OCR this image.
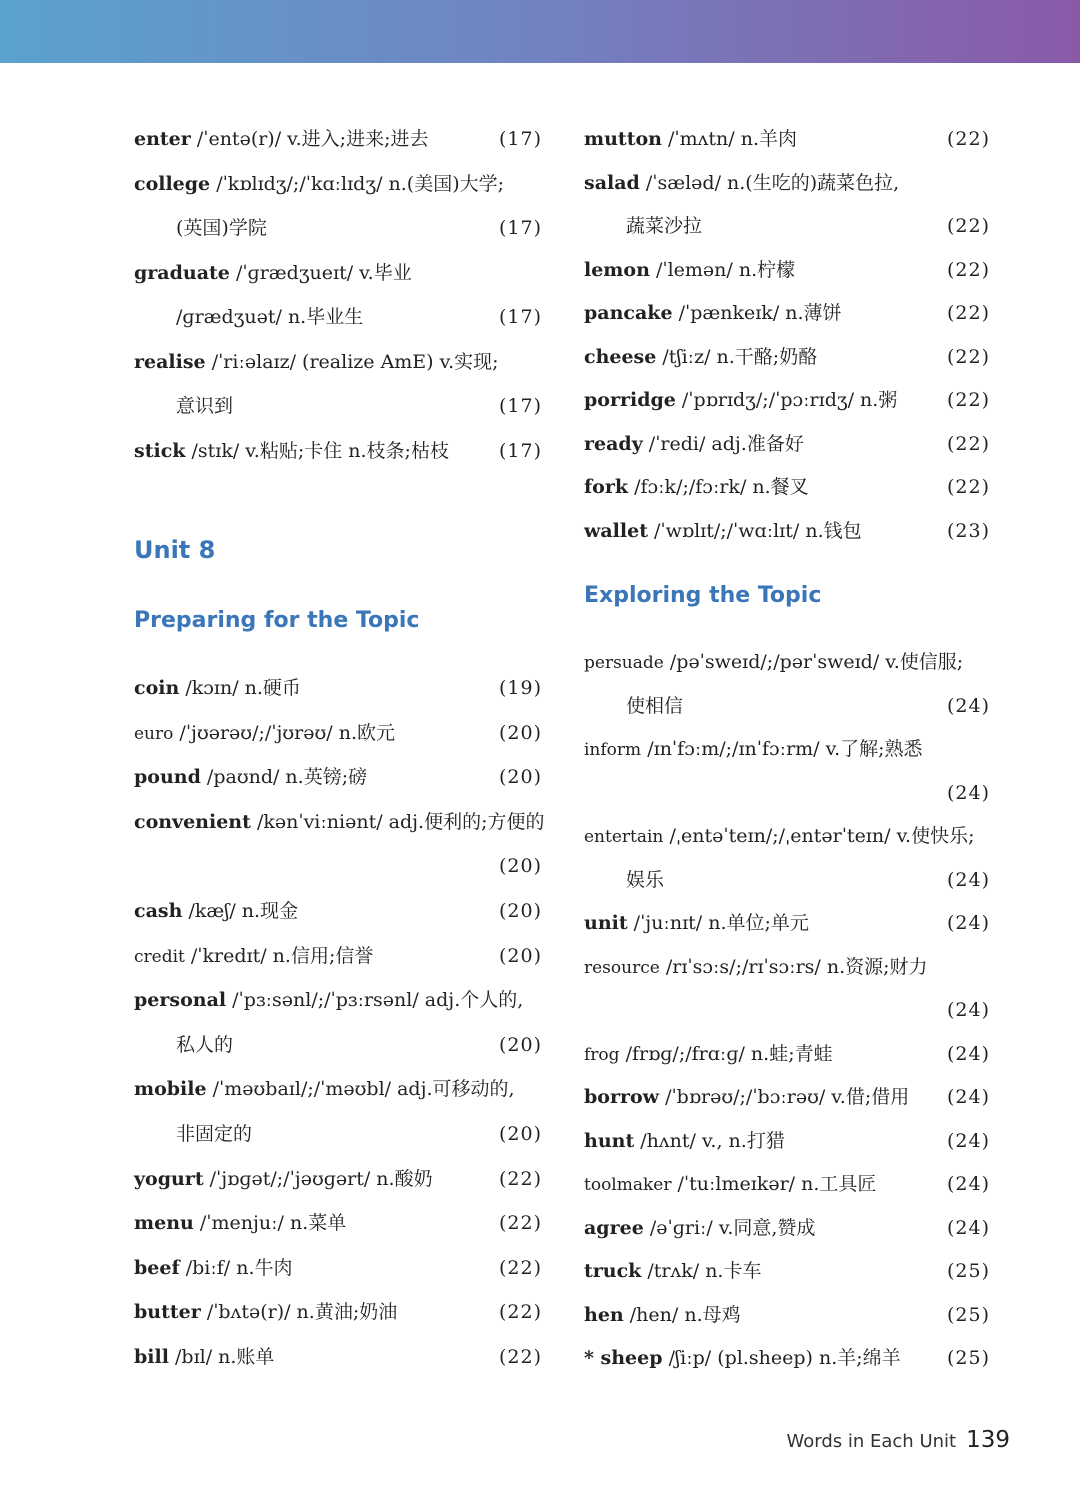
enter /ˈentə(r)/ v.进入;进来;进去	(17)
college /ˈkɒlɪdʒ/;/ˈkɑːlɪdʒ/ n.(美国)大学;
(英国)学院	(17)
graduate /ˈɡrædʒueɪt/ v.毕业
/ɡrædʒuət/ n.毕业生	(17)
realise /ˈriːəlaɪz/ (realize AmE) v.实现;
意识到	(17)
stick /stɪk/ v.粘贴;卡住 n.枝条;枯枝	(17)
Unit 8
Preparing for the Topic
coin /kɔɪn/ n.硬币	(19)
euro /ˈjʊərəʊ/;/ˈjʊrəʊ/ n.欧元	(20)
pound /paʊnd/ n.英镑;磅	(20)
convenient /kənˈviːniənt/ adj.便利的;方便的
(20)
cash /kæʃ/ n.现金	(20)
credit /ˈkredɪt/ n.信用;信誉	(20)
personal /ˈpɜːsənl/;/ˈpɜːrsənl/ adj.个人的,
私人的	(20)
mobile /ˈməʊbaɪl/;/ˈməʊbl/ adj.可移动的,
非固定的	(20)
yogurt /ˈjɒɡət/;/ˈjəʊɡərt/ n.酸奶	(22)
menu /ˈmenjuː/ n.菜单	(22)
beef /biːf/ n.牛肉	(22)
butter /ˈbʌtə(r)/ n.黄油;奶油	(22)
bill /bɪl/ n.账单	(22)
mutton /ˈmʌtn/ n.羊肉	(22)
salad /ˈsæləd/ n.(生吃的)蔬菜色拉,
蔬菜沙拉	(22)
lemon /ˈlemən/ n.柠檬	(22)
pancake /ˈpænkeɪk/ n.薄饼	(22)
cheese /tʃiːz/ n.干酪;奶酪	(22)
porridge /ˈpɒrɪdʒ/;/ˈpɔːrɪdʒ/ n.粥	(22)
ready /ˈredi/ adj.准备好	(22)
fork /fɔːk/;/fɔːrk/ n.餐叉	(22)
wallet /ˈwɒlɪt/;/ˈwɑːlɪt/ n.钱包	(23)
Exploring the Topic
persuade /pəˈsweɪd/;/pərˈsweɪd/ v.使信服;
使相信	(24)
inform /ɪnˈfɔːm/;/ɪnˈfɔːrm/ v.了解;熟悉
(24)
entertain /ˌentəˈteɪn/;/ˌentərˈteɪn/ v.使快乐;
娱乐	(24)
unit /ˈjuːnɪt/ n.单位;单元	(24)
resource /rɪˈsɔːs/;/rɪˈsɔːrs/ n.资源;财力
(24)
frog /frɒɡ/;/frɑːɡ/ n.蛙;青蛙	(24)
borrow /ˈbɒrəʊ/;/ˈbɔːrəʊ/ v.借;借用 (24)
hunt /hʌnt/ v., n.打猎	(24)
toolmaker /ˈtuːlmeɪkər/ n.工具匠	(24)
agree /əˈɡriː/ v.同意,赞成	(24)
truck /trʌk/ n.卡车	(25)
hen /hen/ n.母鸡	(25)
* sheep /ʃiːp/ (pl.sheep) n.羊;绵羊 (25)
Words in Each Unit 139
